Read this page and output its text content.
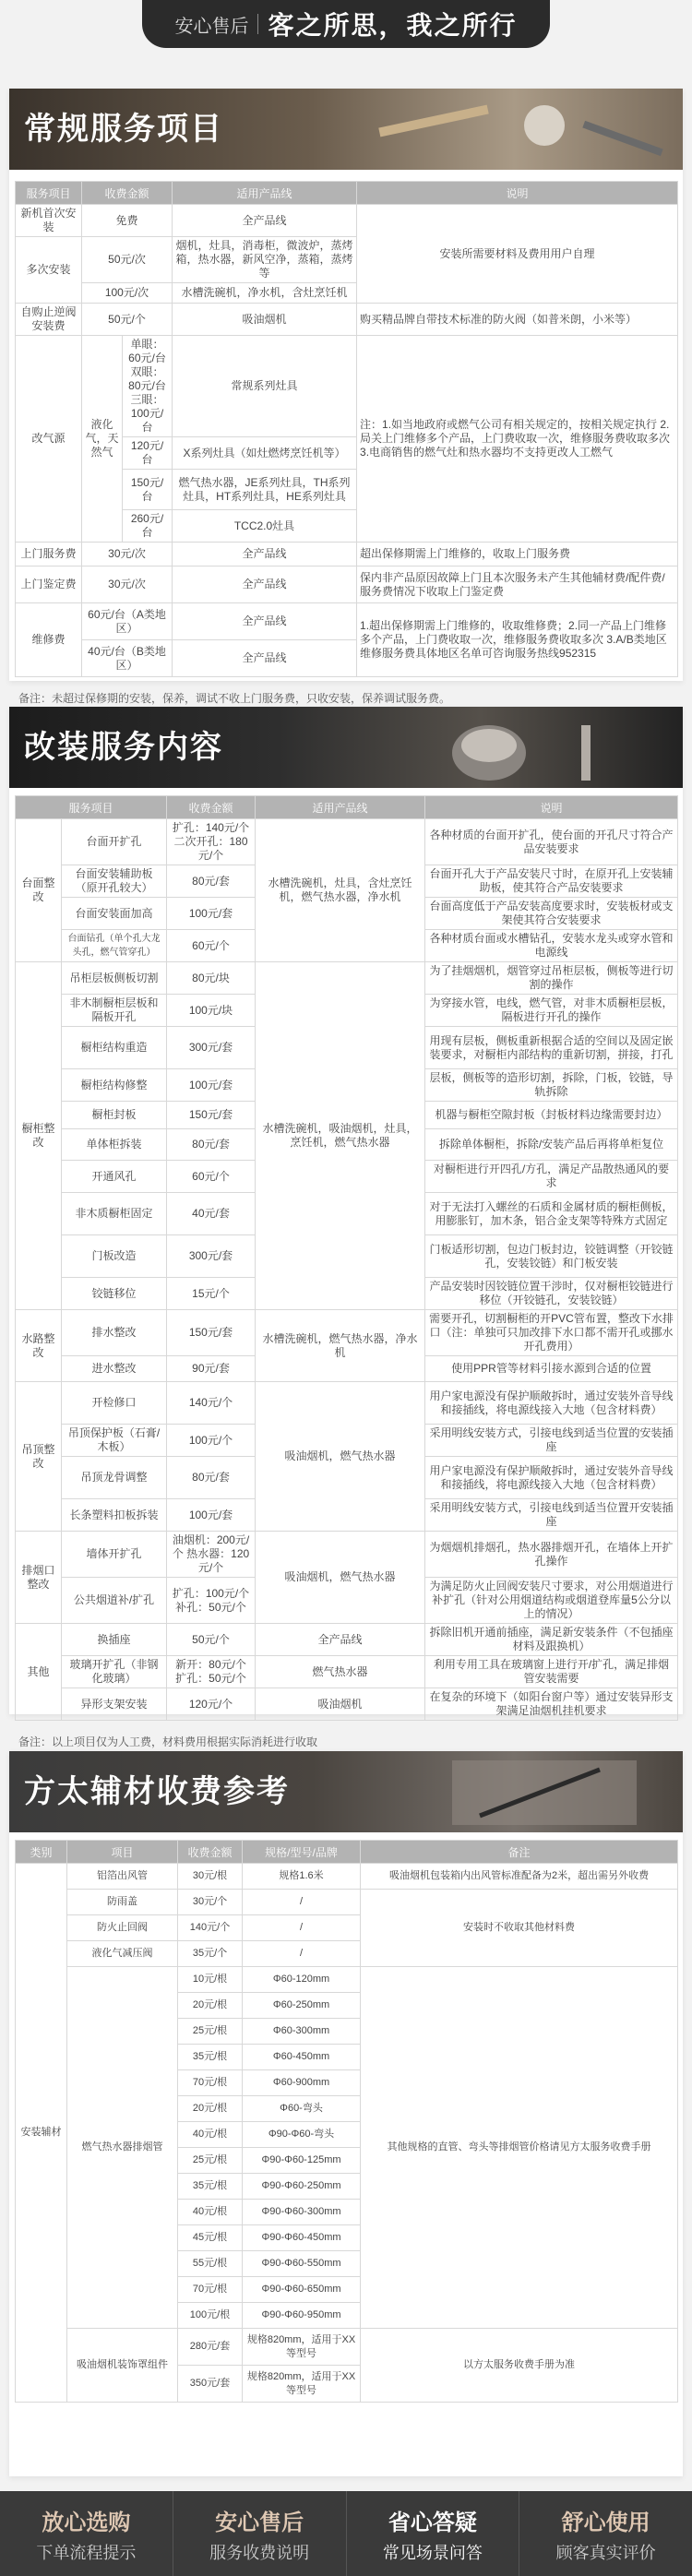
安心售后 客之所思，我之所行
常规服务项目
服务项目	收费金额		适用产品线	说明
新机首次安装	免费		全产品线	安装所需要材料及费用用户自理
多次安装	50元/次		烟机，灶具，消毒柜，微波炉，蒸烤箱，热水器，新风空净，蒸箱，蒸烤等	
	100元/次		水槽洗碗机，净水机，含灶烹饪机	
自购止逆阀安装费	50元/个		吸油烟机	购买精品牌自带技术标准的防火阀（如普米朗，小米等）
改气源	液化气，天然气	单眼：60元/台 双眼：80元/台 三眼：100元/台	常规系列灶具	注：1.如当地政府或燃气公司有相关规定的，按相关规定执行 2.局关上门维修多个产品，上门费收取一次，维修服务费收取多次 3.电商销售的燃气灶和热水器均不支持更改人工燃气
		120元/台	X系列灶具（如灶燃烤烹饪机等）	
		150元/台	燃气热水器，JE系列灶具，TH系列灶具，HT系列灶具，HE系列灶具	
		260元/台	TCC2.0灶具	
上门服务费	30元/次		全产品线	超出保修期需上门维修的，收取上门服务费
上门鉴定费	30元/次		全产品线	保内非产品原因故障上门且本次服务未产生其他辅材费/配件费/服务费情况下收取上门鉴定费
维修费	60元/台（A类地区）		全产品线	1.超出保修期需上门维修的，收取维修费；2.同一产品上门维修多个产品，上门费收取一次，维修服务费收取多次 3.A/B类地区维修服务费具体地区名单可咨询服务热线952315
	40元/台（B类地区）		全产品线	
备注：未超过保修期的安装，保养，调试不收上门服务费，只收安装，保养调试服务费。
改装服务内容
服务项目		收费金额	适用产品线	说明
台面整改	台面开扩孔	扩孔：140元/个 二次开孔：180元/个	水槽洗碗机，灶具，含灶烹饪机，燃气热水器，净水机	各种材质的台面开扩孔，使台面的开孔尺寸符合产品安装要求
	台面安装辅助板（原开孔较大）	80元/套		台面开孔大于产品安装尺寸时，在原开孔上安装辅助板，使其符合产品安装要求
	台面安装面加高	100元/套		台面高度低于产品安装高度要求时，安装板材或支架使其符合安装要求
	台面钻孔（单个孔大龙头孔，燃气管穿孔）	60元/个		各种材质台面或水槽钻孔，安装水龙头或穿水管和电源线
橱柜整改	吊柜层板侧板切割	80元/块	水槽洗碗机，吸油烟机，灶具，烹饪机，燃气热水器	为了挂烟烟机，烟管穿过吊柜层板，侧板等进行切割的操作
	非木制橱柜层板和隔板开孔	100元/块		为穿接水管，电线，燃气管，对非木质橱柜层板，隔板进行开孔的操作
	橱柜结构重造	300元/套		用现有层板，侧板重新根据合适的空间以及固定嵌装要求，对橱柜内部结构的重新切割，拼接，打孔
	橱柜结构修整	100元/套		层板，侧板等的造形切割，拆除，门板，铰链，导轨拆除
	橱柜封板	150元/套		机器与橱柜空隙封板（封板材料边缘需要封边）
	单体柜拆装	80元/套		拆除单体橱柜，拆除/安装产品后再将单柜复位
	开通风孔	60元/个		对橱柜进行开四孔/方孔，满足产品散热通风的要求
	非木质橱柜固定	40元/套		对于无法打入螺丝的石质和金属材质的橱柜侧板，用膨胀钉，加木条，铝合金支架等特殊方式固定
	门板改造	300元/套		门板适形切割，包边门板封边，铰链调整（开铰链孔，安装铰链）和门板安装
	铰链移位	15元/个		产品安装时因铰链位置干涉时，仅对橱柜铰链进行移位（开铰链孔，安装铰链）
水路整改	排水整改	150元/套	水槽洗碗机，燃气热水器，净水机	需要开孔，切割橱柜的开PVC管布置，整改下水排口（注：单独可只加改排下水口都不需开孔或挪水开孔费用）
	进水整改	90元/套		使用PPR管等材料引接水源到合适的位置
吊顶整改	开检修口	140元/个	吸油烟机，燃气热水器	用户家电源没有保护顺敞拆时，通过安装外音导线和接插线，将电源线接入大地（包含材料费）
	吊顶保护板（石膏/木板）	100元/个		采用明线安装方式，引接电线到适当位置的安装插座
	吊顶龙骨调整	80元/套		用户家电源没有保护顺敞拆时，通过安装外音导线和接插线，将电源线接入大地（包含材料费）
	长条塑料扣板拆装	100元/套		采用明线安装方式，引接电线到适当位置开安装插座
排烟口整改	墙体开扩孔	油烟机：200元/个 热水器：120元/个	吸油烟机，燃气热水器	为烟烟机排烟孔，热水器排烟开孔，在墙体上开扩孔操作
	公共烟道补/扩孔	扩孔：100元/个 补孔：50元/个		为满足防火止回阀安装尺寸要求，对公用烟道进行补扩孔（针对公用烟道结构或烟道登库量5公分以上的情况）
其他	换插座	50元/个	全产品线	拆除旧机开通前插座，满足新安装条件（不包插座材料及跟换机）
	玻璃开扩孔（非钢化玻璃）	新开：80元/个 扩孔：50元/个	燃气热水器	利用专用工具在玻璃窗上进行开/扩孔，满足排烟管安装需要
	异形支架安装	120元/个	吸油烟机	在复杂的环境下（如阳台窗户等）通过安装异形支架满足油烟机挂机要求
备注：以上项目仅为人工费，材料费用根据实际消耗进行收取
方太辅材收费参考
类别	项目	收费金额	规格/型号/品牌	备注
安装辅材	铝箔出风管	30元/根	规格1.6米	吸油烟机包装箱内出风管标准配备为2米，超出需另外收费
	防雨盖	30元/个	/	安装时不收取其他材料费
	防火止回阀	140元/个	/	
	液化气减压阀	35元/个	/	
	燃气热水器排烟管	10元/根	Φ60-120mm	其他规格的直管、弯头等排烟管价格请见方太服务收费手册
		20元/根	Φ60-250mm	
		25元/根	Φ60-300mm	
		35元/根	Φ60-450mm	
		70元/根	Φ60-900mm	
		20元/根	Φ60-弯头	
		40元/根	Φ90-Φ60-弯头	
		25元/根	Φ90-Φ60-125mm	
		35元/根	Φ90-Φ60-250mm	
		40元/根	Φ90-Φ60-300mm	
		45元/根	Φ90-Φ60-450mm	
		55元/根	Φ90-Φ60-550mm	
		70元/根	Φ90-Φ60-650mm	
		100元/根	Φ90-Φ60-950mm	
	吸油烟机装饰罩组件	280元/套	规格820mm，适用于XX等型号	以方太服务收费手册为准
		350元/套	规格820mm，适用于XX等型号	
放心选购
下单流程提示
安心售后
服务收费说明
省心答疑
常见场景问答
舒心使用
顾客真实评价
